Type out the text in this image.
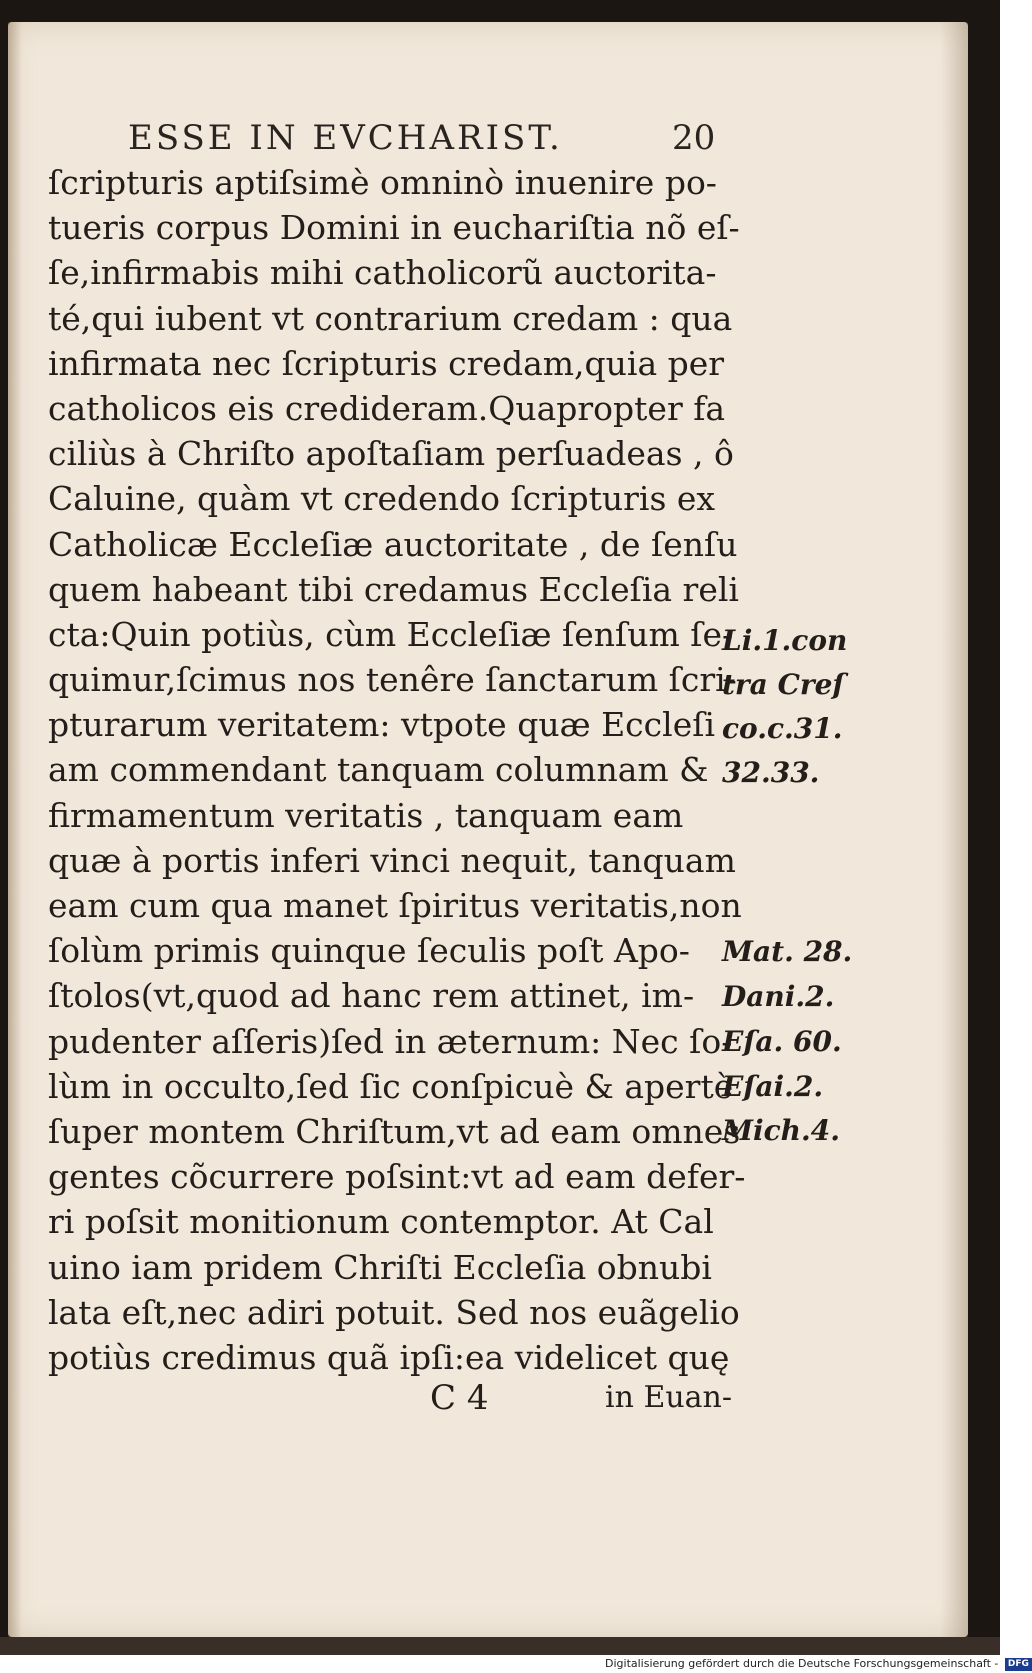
ESSE IN EVCHARIST.	20
ſcripturis aptiſsimè omninò inuenire po-
tueris corpus Domini in euchariſtia nõ eſ-
ſe,infirmabis mihi catholicorũ auctorita-
té,qui iubent vt contrarium credam : qua
infirmata nec ſcripturis credam,quia per
catholicos eis credideram.Quapropter fa
ciliùs à Chriſto apoſtaſiam perſuadeas , ô
Caluine, quàm vt credendo ſcripturis ex
Catholicæ Eccleſiæ auctoritate , de ſenſu
quem habeant tibi credamus Eccleſia reli
cta:Quin potiùs, cùm Eccleſiæ ſenſum ſe-
quimur,ſcimus nos tenêre ſanctarum ſcri-
pturarum veritatem: vtpote quæ Eccleſi
am commendant tanquam columnam &
firmamentum veritatis , tanquam eam
quæ à portis inferi vinci nequit, tanquam
eam cum qua manet ſpiritus veritatis,non
ſolùm primis quinque ſeculis poſt Apo-
ſtolos(vt,quod ad hanc rem attinet, im-
pudenter aſſeris)ſed in æternum: Nec ſo-
lùm in occulto,ſed ſic conſpicuè & apertè
ſuper montem Chriſtum,vt ad eam omnes
gentes cõcurrere poſsint:vt ad eam defer-
ri poſsit monitionum contemptor. At Cal
uino iam pridem Chriſti Eccleſia obnubi
lata eſt,nec adiri potuit. Sed nos euãgelio
potiùs credimus quã ipſi:ea videlicet quę
Li.1.con
tra Creſ
co.c.31.
32.33.
Mat. 28.
Dani.2.
Eſa. 60.
Eſai.2.
Mich.4.
C 4	in Euan-
Digitalisierung gefördert durch die Deutsche Forschungsgemeinschaft - DFG
